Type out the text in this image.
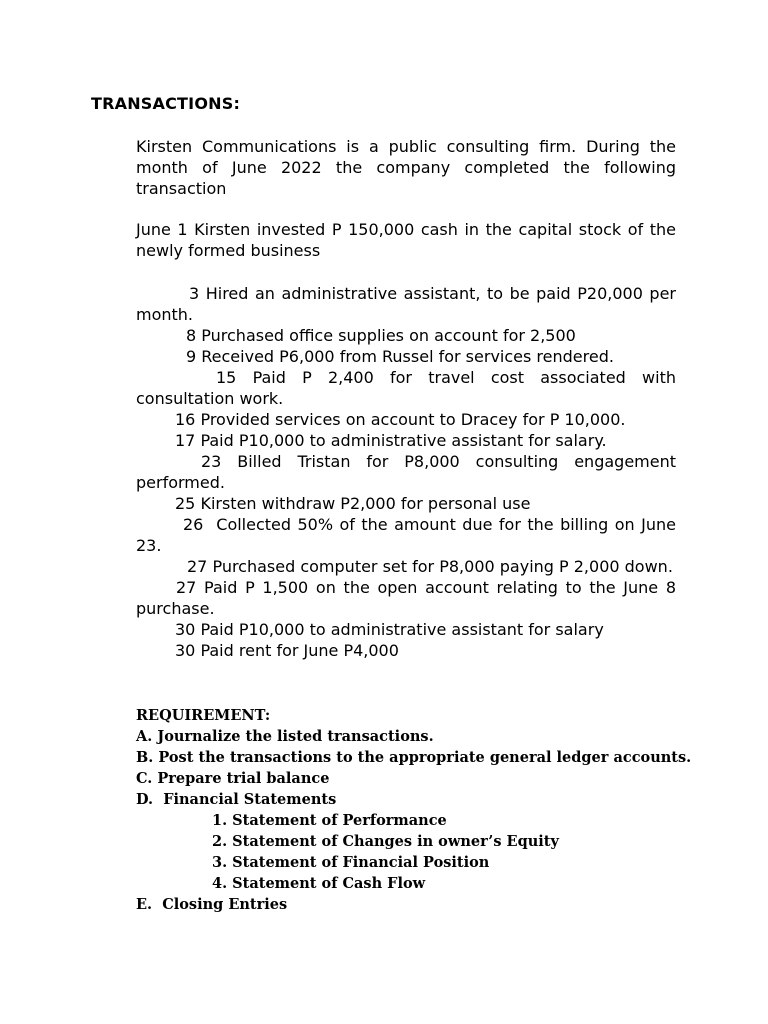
TRANSACTIONS:
Kirsten Communications is a public consulting firm. During the month of June 2022 the company completed the following transaction
June 1 Kirsten invested P 150,000 cash in the capital stock of the newly formed business
3 Hired an administrative assistant, to be paid P20,000 per month.
8 Purchased office supplies on account for 2,500
9 Received P6,000 from Russel for services rendered.
15 Paid P 2,400 for travel cost associated with consultation work.
16 Provided services on account to Dracey for P 10,000.
17 Paid P10,000 to administrative assistant for salary.
23 Billed Tristan for P8,000 consulting engagement performed.
25 Kirsten withdraw P2,000 for personal use
26  Collected 50% of the amount due for the billing on June 23.
27 Purchased computer set for P8,000 paying P 2,000 down.
27 Paid P 1,500 on the open account relating to the June 8 purchase.
30 Paid P10,000 to administrative assistant for salary
30 Paid rent for June P4,000
REQUIREMENT:
A. Journalize the listed transactions.
B. Post the transactions to the appropriate general ledger accounts.
C. Prepare trial balance
D.  Financial Statements
1. Statement of Performance
2. Statement of Changes in owner’s Equity
3. Statement of Financial Position
4. Statement of Cash Flow
E.  Closing Entries
